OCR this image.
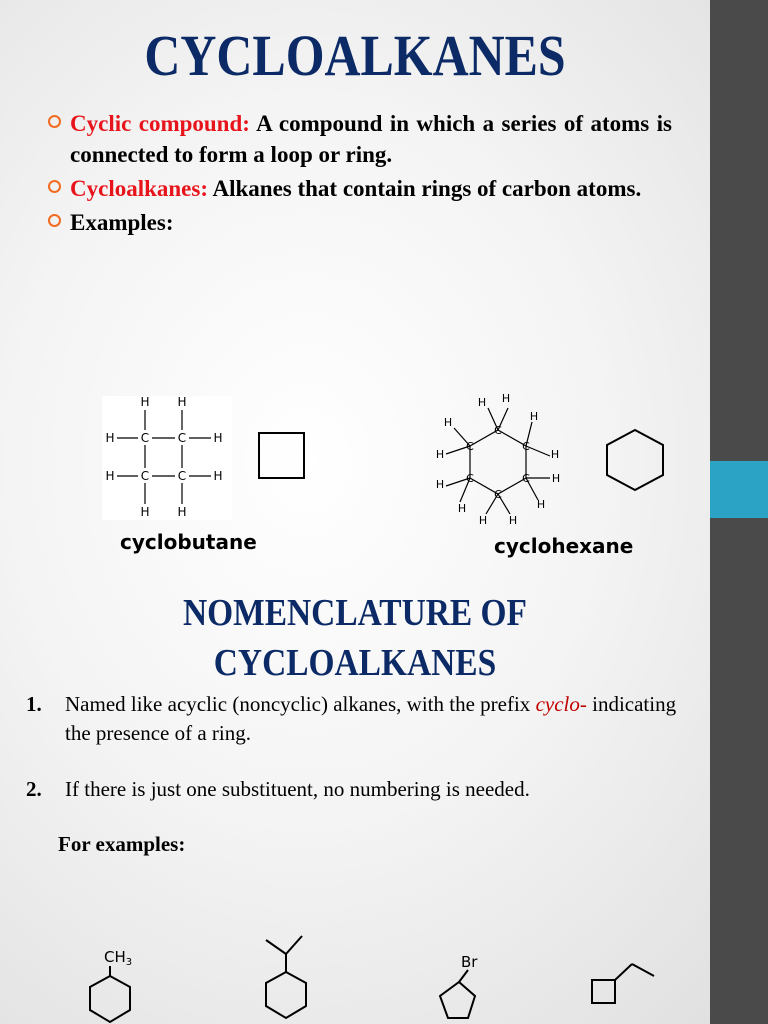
CYCLOALKANES
Cyclic compound: A compound in which a series of atoms is connected to form a loop or ring.
Cycloalkanes: Alkanes that contain rings of carbon atoms.
Examples:
H H
H C C H
H C C H
H H
cyclobutane
C
C
C
C
C
C
H H
H
H
H
H
H H
H
H
H
H
cyclohexane
NOMENCLATURE OF
CYCLOALKANES
1. Named like acyclic (noncyclic) alkanes, with the prefix cyclo- indicating the presence of a ring.
2. If there is just one substituent, no numbering is needed.
For examples:
$CH_3$	Br
